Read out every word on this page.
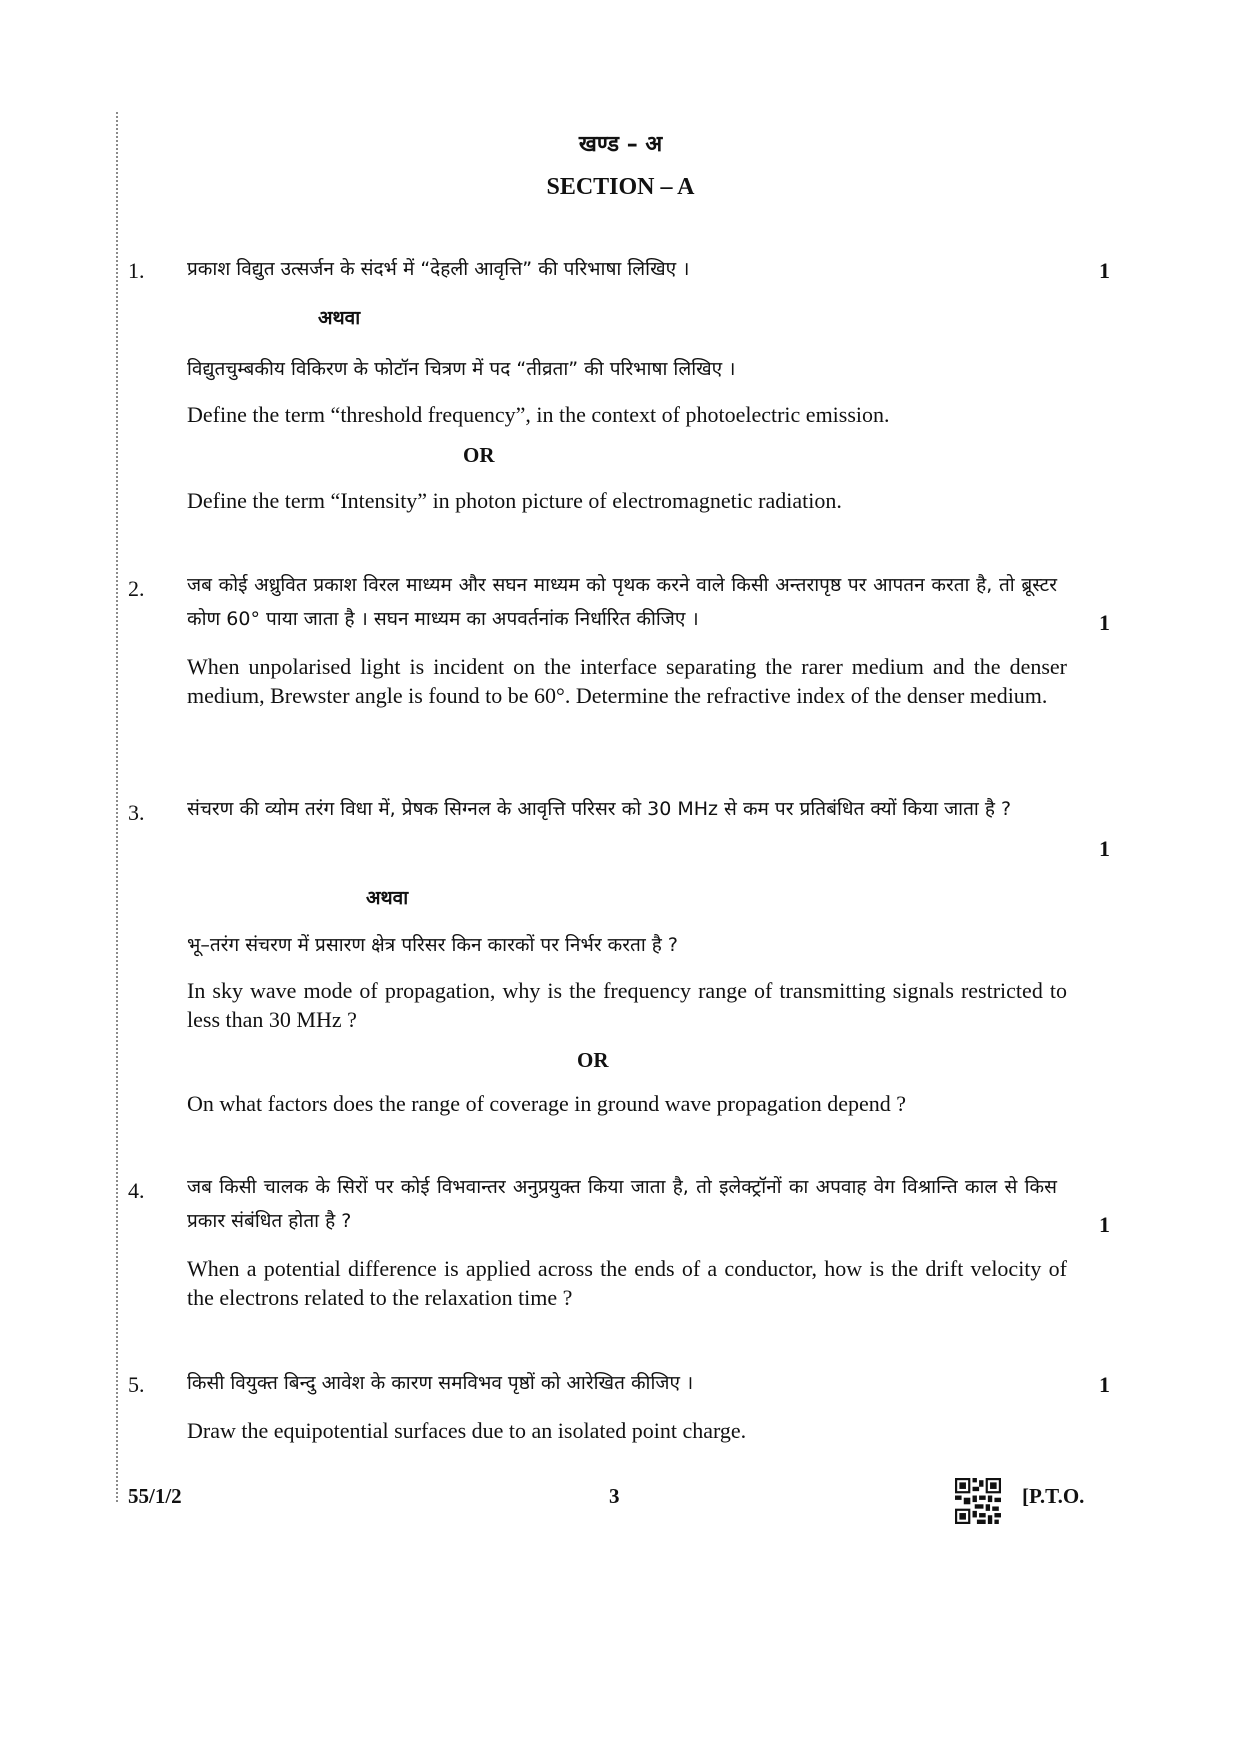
खण्ड – अ
SECTION – A
1. प्रकाश विद्युत उत्सर्जन के संदर्भ में “देहली आवृत्ति” की परिभाषा लिखिए ।	1
अथवा
विद्युतचुम्बकीय विकिरण के फोटॉन चित्रण में पद “तीव्रता” की परिभाषा लिखिए ।
Define the term “threshold frequency”, in the context of photoelectric emission.
OR
Define the term “Intensity” in photon picture of electromagnetic radiation.
2. जब कोई अध्रुवित प्रकाश विरल माध्यम और सघन माध्यम को पृथक करने वाले किसी अन्तरापृष्ठ पर आपतन करता है, तो ब्रूस्टर कोण 60° पाया जाता है । सघन माध्यम का अपवर्तनांक निर्धारित कीजिए ।	1
When unpolarised light is incident on the interface separating the rarer medium and the denser medium, Brewster angle is found to be 60°. Determine the refractive index of the denser medium.
3. संचरण की व्योम तरंग विधा में, प्रेषक सिग्नल के आवृत्ति परिसर को 30 MHz से कम पर प्रतिबंधित क्यों किया जाता है ?
1
अथवा
भू–तरंग संचरण में प्रसारण क्षेत्र परिसर किन कारकों पर निर्भर करता है ?
In sky wave mode of propagation, why is the frequency range of transmitting signals restricted to less than 30 MHz ?
OR
On what factors does the range of coverage in ground wave propagation depend ?
4. जब किसी चालक के सिरों पर कोई विभवान्तर अनुप्रयुक्त किया जाता है, तो इलेक्ट्रॉनों का अपवाह वेग विश्रान्ति काल से किस प्रकार संबंधित होता है ?	1
When a potential difference is applied across the ends of a conductor, how is the drift velocity of the electrons related to the relaxation time ?
5. किसी वियुक्त बिन्दु आवेश के कारण समविभव पृष्ठों को आरेखित कीजिए ।	1
Draw the equipotential surfaces due to an isolated point charge.
55/1/2	3	[P.T.O.
